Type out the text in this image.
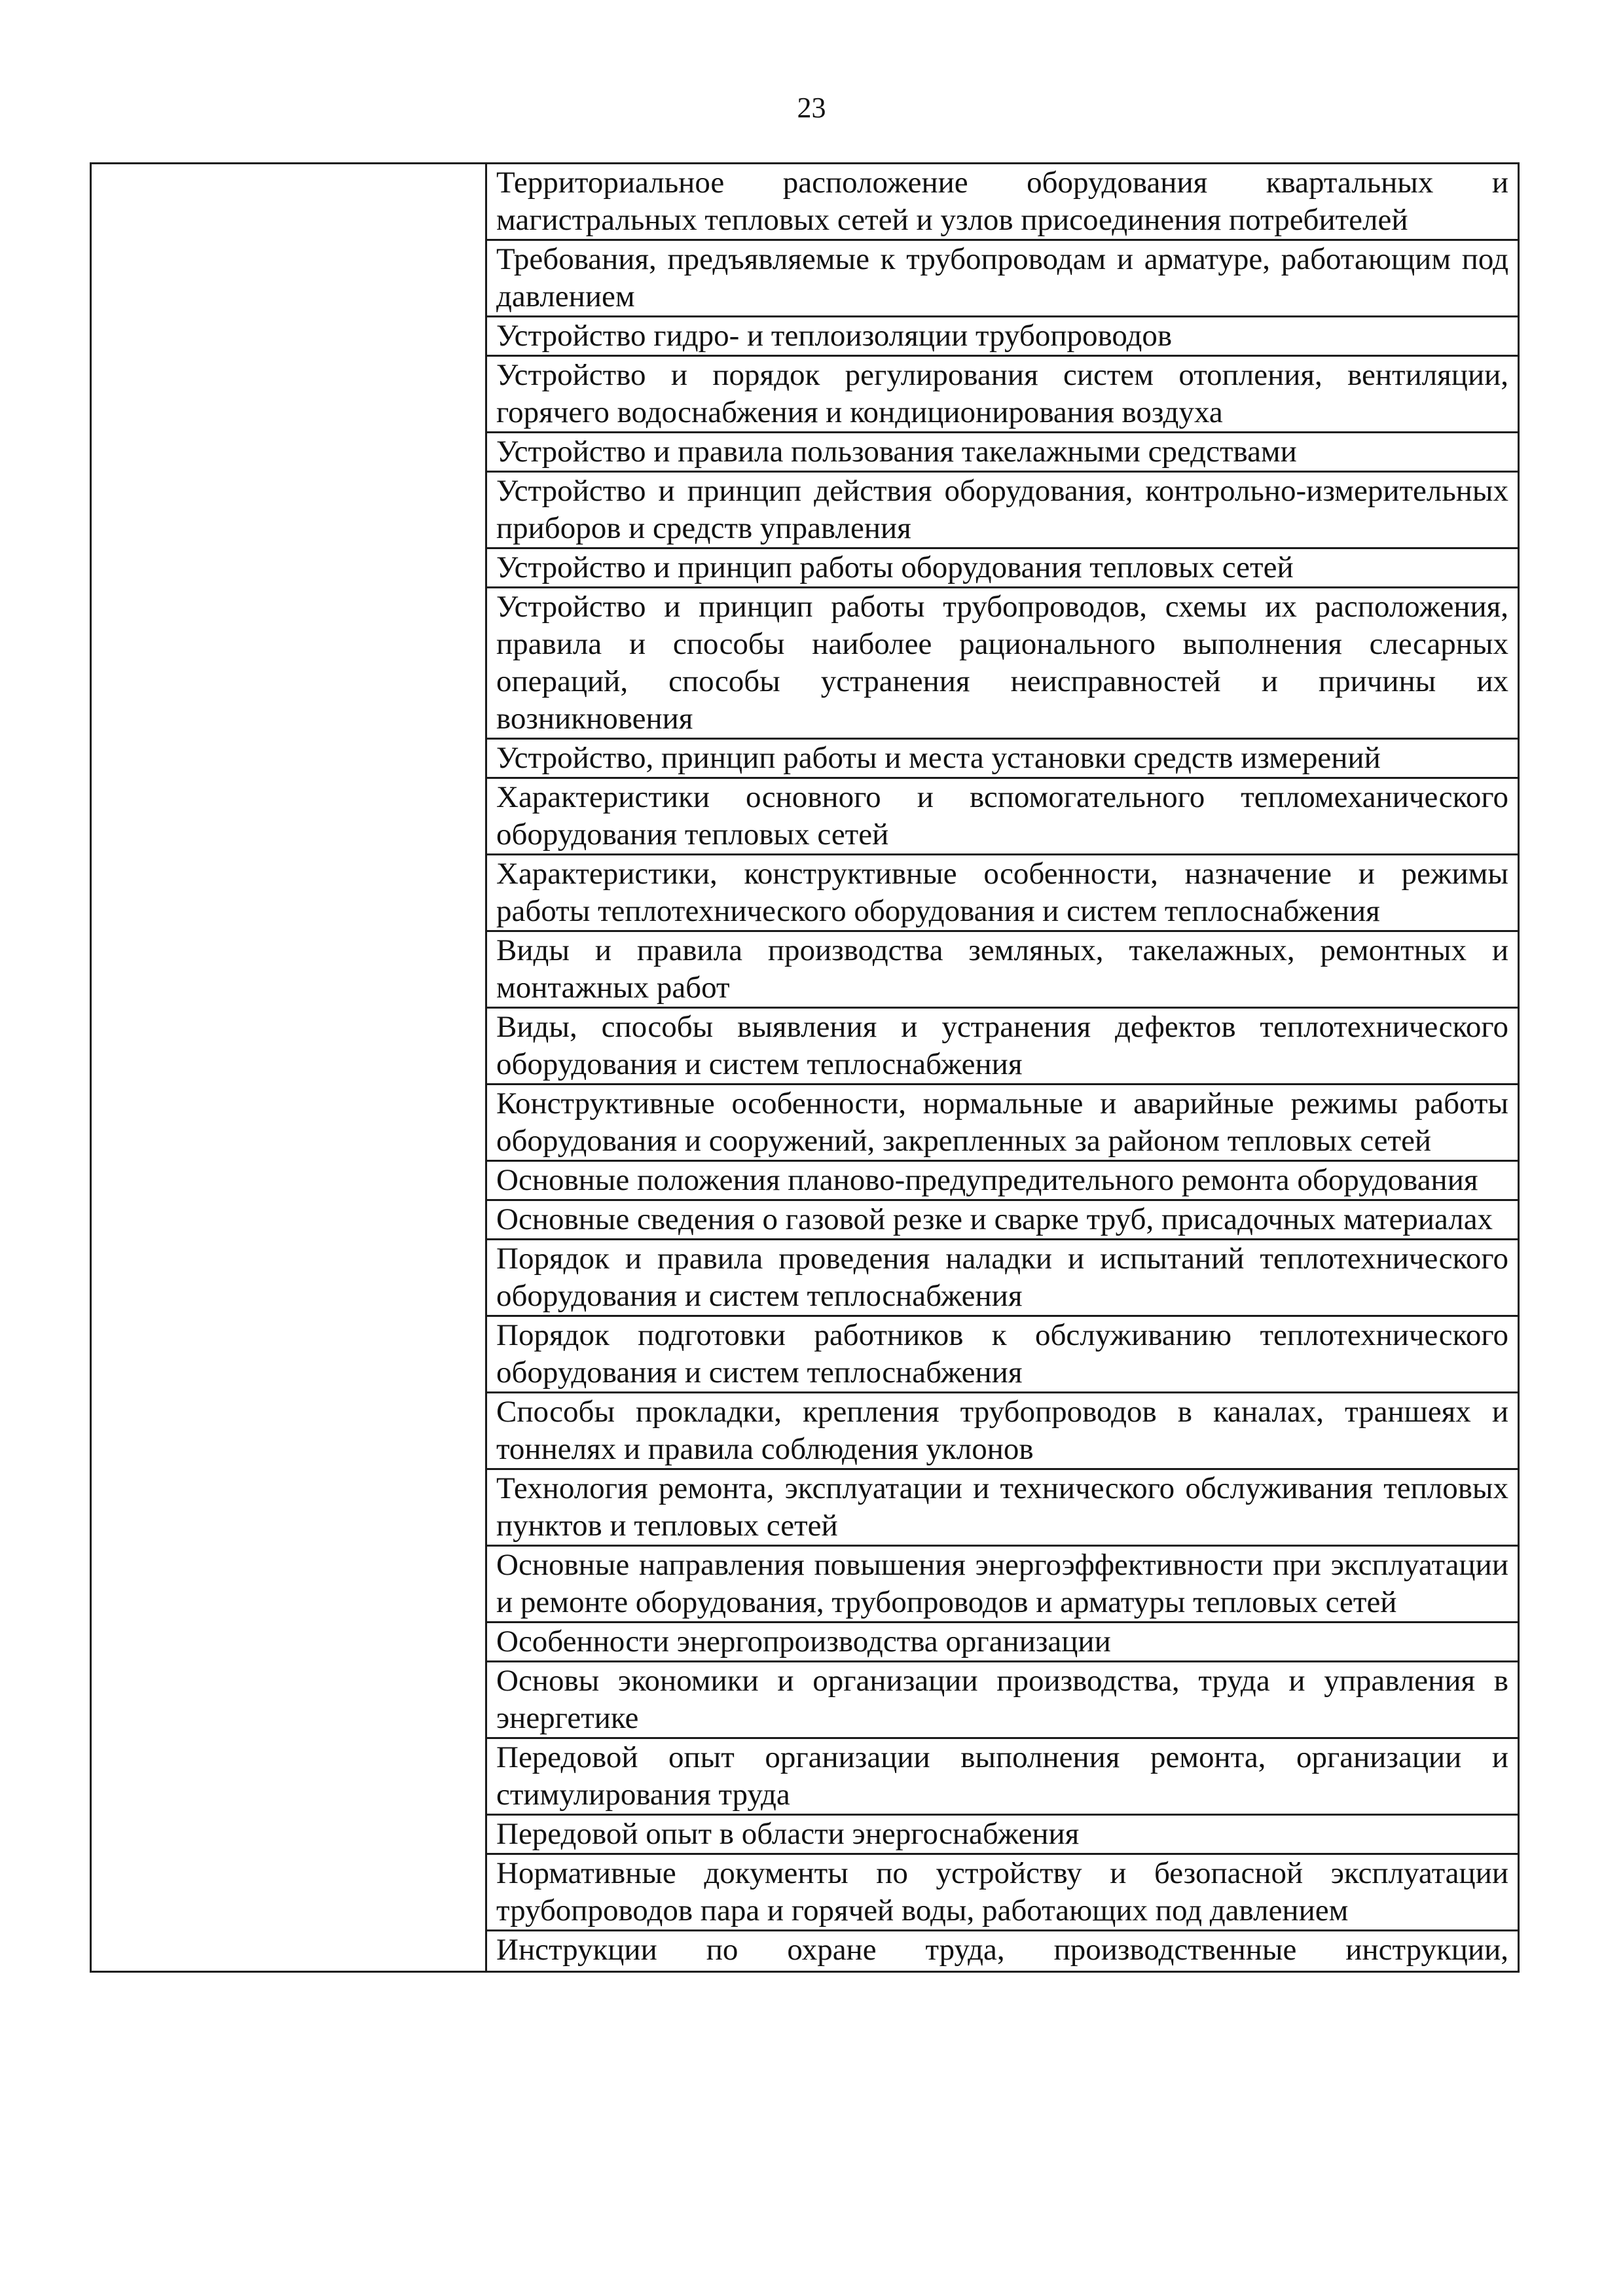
23
	Территориальное расположение оборудования квартальных и магистральных тепловых сетей и узлов присоединения потребителей
Требования, предъявляемые к трубопроводам и арматуре, работающим под давлением
Устройство гидро- и теплоизоляции трубопроводов
Устройство и порядок регулирования систем отопления, вентиляции, горячего водоснабжения и кондиционирования воздуха
Устройство и правила пользования такелажными средствами
Устройство и принцип действия оборудования, контрольно-измерительных приборов и средств управления
Устройство и принцип работы оборудования тепловых сетей
Устройство и принцип работы трубопроводов, схемы их расположения, правила и способы наиболее рационального выполнения слесарных операций, способы устранения неисправностей и причины их возникновения
Устройство, принцип работы и места установки средств измерений
Характеристики основного и вспомогательного тепломеханического оборудования тепловых сетей
Характеристики, конструктивные особенности, назначение и режимы работы теплотехнического оборудования и систем теплоснабжения
Виды и правила производства земляных, такелажных, ремонтных и монтажных работ
Виды, способы выявления и устранения дефектов теплотехнического оборудования и систем теплоснабжения
Конструктивные особенности, нормальные и аварийные режимы работы оборудования и сооружений, закрепленных за районом тепловых сетей
Основные положения планово-предупредительного ремонта оборудования
Основные сведения о газовой резке и сварке труб, присадочных материалах
Порядок и правила проведения наладки и испытаний теплотехнического оборудования и систем теплоснабжения
Порядок подготовки работников к обслуживанию теплотехнического оборудования и систем теплоснабжения
Способы прокладки, крепления трубопроводов в каналах, траншеях и тоннелях и правила соблюдения уклонов
Технология ремонта, эксплуатации и технического обслуживания тепловых пунктов и тепловых сетей
Основные направления повышения энергоэффективности при эксплуатации и ремонте оборудования, трубопроводов и арматуры тепловых сетей
Особенности энергопроизводства организации
Основы экономики и организации производства, труда и управления в энергетике
Передовой опыт организации выполнения ремонта, организации и стимулирования труда
Передовой опыт в области энергоснабжения
Нормативные документы по устройству и безопасной эксплуатации трубопроводов пара и горячей воды, работающих под давлением
Инструкции по охране труда, производственные инструкции,
